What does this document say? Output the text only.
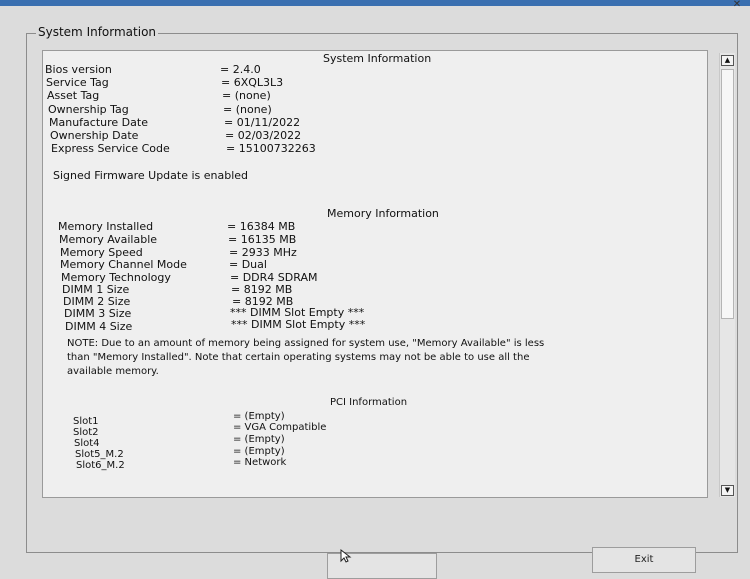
✕
System Information
System Information
Bios version	= 2.4.0
Service Tag	= 6XQL3L3
Asset Tag	= (none)
Ownership Tag	= (none)
Manufacture Date	= 01/11/2022
Ownership Date	= 02/03/2022
Express Service Code	= 15100732263
Signed Firmware Update is enabled
Memory Information
Memory Installed	= 16384 MB
Memory Available	= 16135 MB
Memory Speed	= 2933 MHz
Memory Channel Mode	= Dual
Memory Technology	= DDR4 SDRAM
DIMM 1 Size	= 8192 MB
DIMM 2 Size	= 8192 MB
DIMM 3 Size	*** DIMM Slot Empty ***
DIMM 4 Size	*** DIMM Slot Empty ***
NOTE: Due to an amount of memory being assigned for system use, "Memory Available" is less
than "Memory Installed". Note that certain operating systems may not be able to use all the
available memory.
PCI Information
Slot1	= (Empty)
Slot2	= VGA Compatible
Slot4	= (Empty)
Slot5_M.2	= (Empty)
Slot6_M.2	= Network
▲
▼
Exit
